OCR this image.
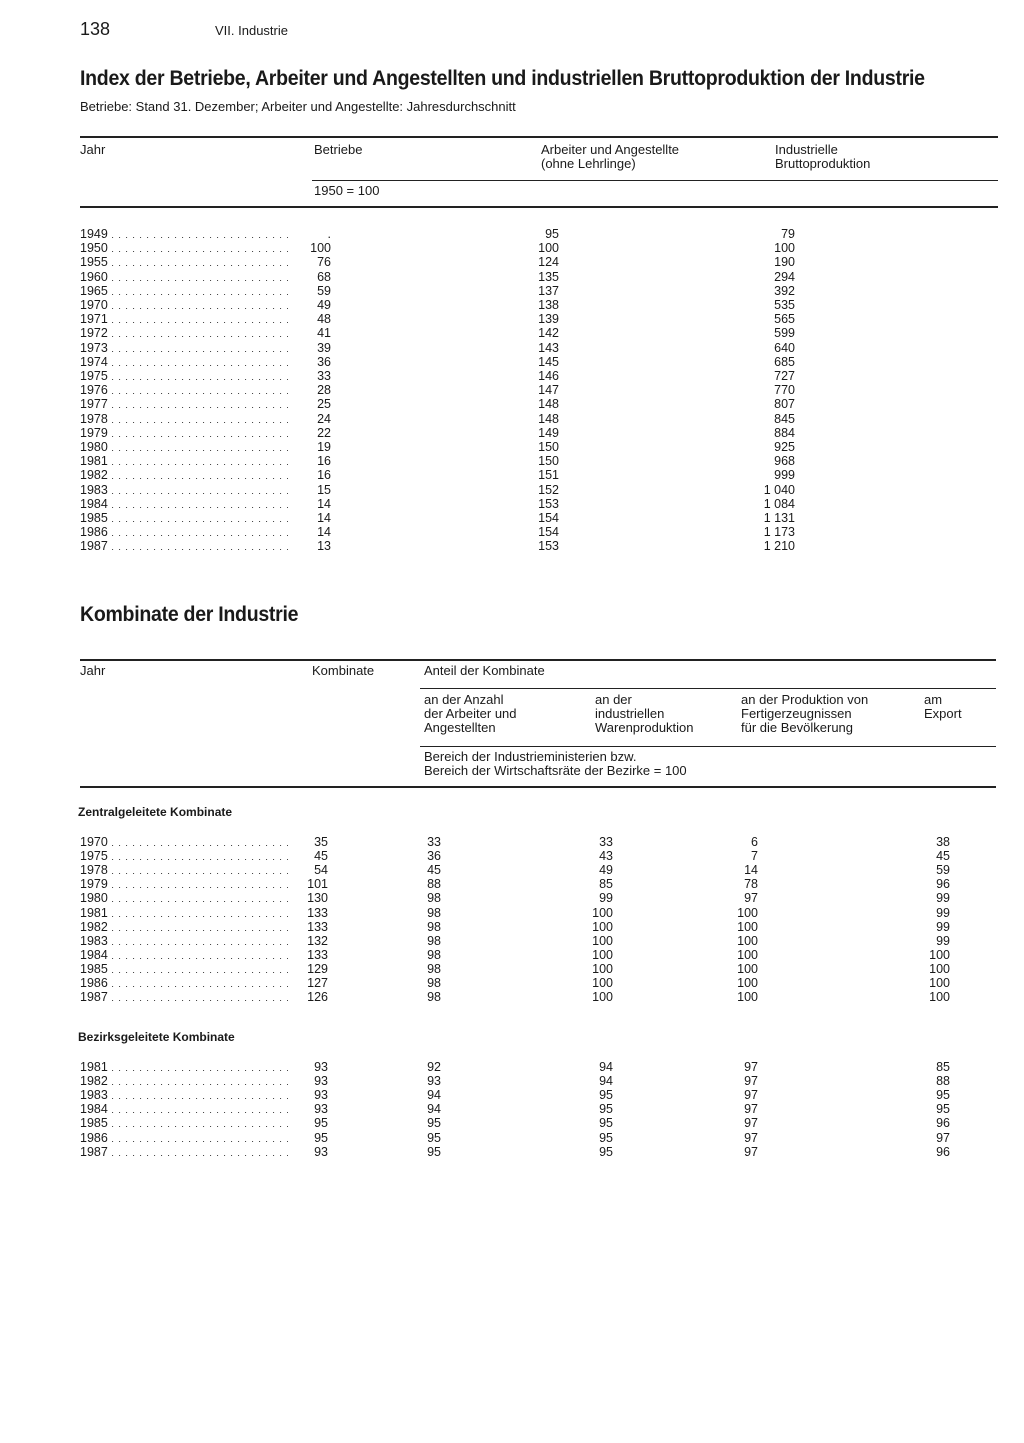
138	VII. Industrie
Index der Betriebe, Arbeiter und Angestellten und industriellen Bruttoproduktion der Industrie
Betriebe: Stand 31. Dezember; Arbeiter und Angestellte: Jahresdurchschnitt
Jahr	Betriebe	Arbeiter und Angestellte
(ohne Lehrlinge)
Industrielle
Bruttoproduktion
1950 = 100
1949 . . .	.	95	79
1950 . . .	100	100	100
1955 . . .	76	124	190
1960 . . .	68	135	294
1965 . . .	59	137	392
1970 . . .	49	138	535
1971 . . .	48	139	565
1972 . . .	41	142	599
1973 . . .	39	143	640
1974 . . .	36	145	685
1975 . . .	33	146	727
1976 . . .	28	147	770
1977 . . .	25	148	807
1978 . . .	24	148	845
1979 . . .	22	149	884
1980 . . .	19	150	925
1981 . . .	16	150	968
1982 . . .	16	151	999
1983 . . .	15	152	1 040
1984 . . .	14	153	1 084
1985 . . .	14	154	1 131
1986 . . .	14	154	1 173
1987 . . .	13	153	1 210
Kombinate der Industrie
Jahr	Kombinate	Anteil der Kombinate
an der Anzahl
der Arbeiter und
Angestellten
an der
industriellen
Warenproduktion
an der Produktion von
Fertigerzeugnissen
für die Bevölkerung
am
Export
Bereich der Industrieministerien bzw.
Bereich der Wirtschaftsräte der Bezirke = 100
Zentralgeleitete Kombinate
1970 . . .	35	33	33	6	38
1975 . . .	45	36	43	7	45
1978 . . .	54	45	49	14	59
1979 . . .	101	88	85	78	96
1980 . . .	130	98	99	97	99
1981 . . .	133	98	100	100	99
1982 . . .	133	98	100	100	99
1983 . . .	132	98	100	100	99
1984 . . .	133	98	100	100	100
1985 . . .	129	98	100	100	100
1986 . . .	127	98	100	100	100
1987 . . .	126	98	100	100	100
Bezirksgeleitete Kombinate
1981 . . .	93	92	94	97	85
1982 . . .	93	93	94	97	88
1983 . . .	93	94	95	97	95
1984 . . .	93	94	95	97	95
1985 . . .	95	95	95	97	96
1986 . . .	95	95	95	97	97
1987 . . .	93	95	95	97	96
